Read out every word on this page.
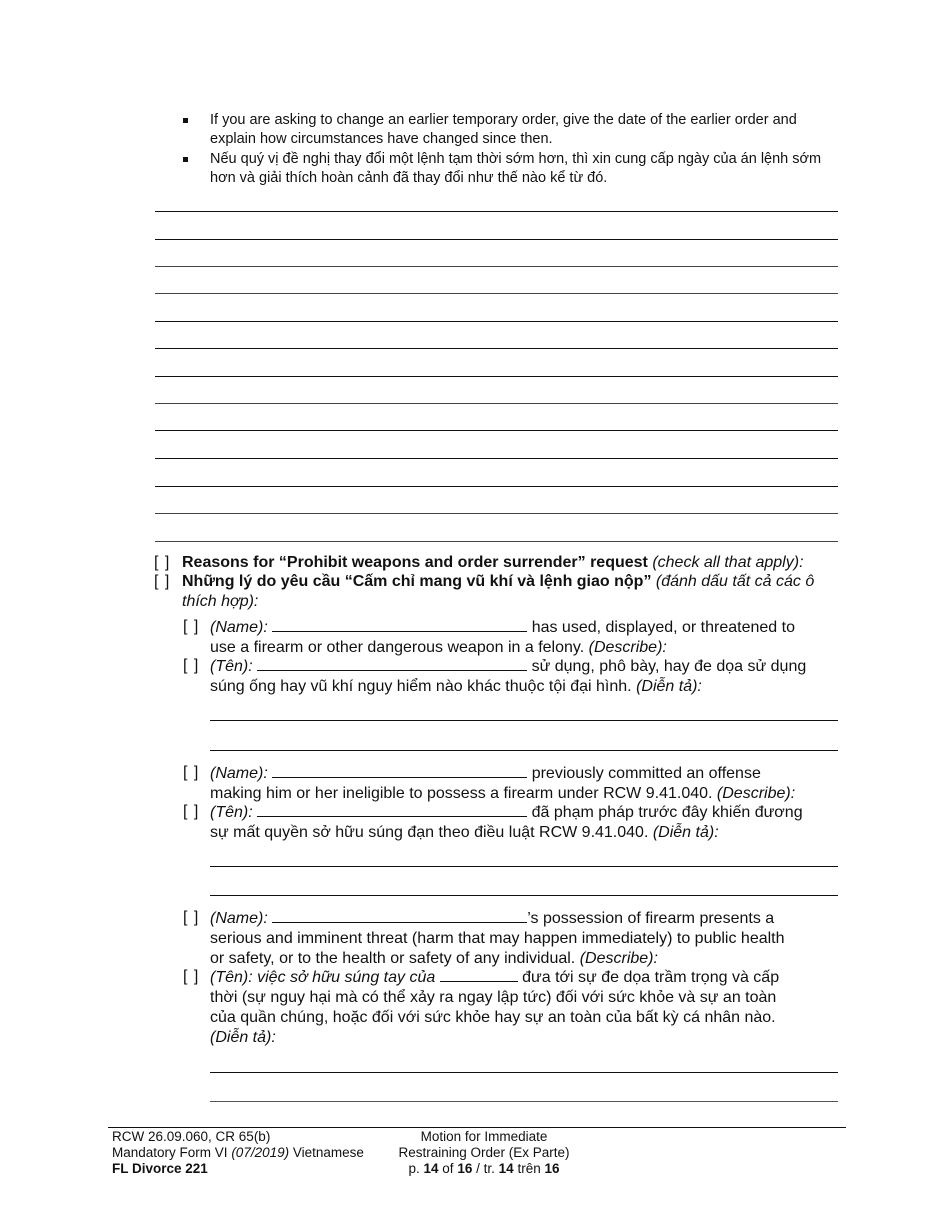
If you are asking to change an earlier temporary order, give the date of the earlier order and explain how circumstances have changed since then.
Nếu quý vị đề nghị thay đổi một lệnh tạm thời sớm hơn, thì xin cung cấp ngày của án lệnh sớm hơn và giải thích hoàn cảnh đã thay đổi như thế nào kể từ đó.
[ ] Reasons for “Prohibit weapons and order surrender” request (check all that apply):
[ ] Những lý do yêu cầu “Cấm chỉ mang vũ khí và lệnh giao nộp” (đánh dấu tất cả các ô thích hợp):
[ ] (Name):	has used, displayed, or threatened to
use a firearm or other dangerous weapon in a felony. (Describe):
[ ] (Tên):	sử dụng, phô bày, hay đe dọa sử dụng
súng ống hay vũ khí nguy hiểm nào khác thuộc tội đại hình. (Diễn tả):
[ ] (Name):	previously committed an offense
making him or her ineligible to possess a firearm under RCW 9.41.040. (Describe):
[ ] (Tên):	đã phạm pháp trước đây khiến đương
sự mất quyền sở hữu súng đạn theo điều luật RCW 9.41.040. (Diễn tả):
[ ] (Name):	’s possession of firearm presents a
serious and imminent threat (harm that may happen immediately) to public health
or safety, or to the health or safety of any individual. (Describe):
[ ] (Tên): việc sở hữu súng tay của	đưa tới sự đe dọa trầm trọng và cấp
thời (sự nguy hại mà có thể xảy ra ngay lập tức) đối với sức khỏe và sự an toàn
của quần chúng, hoặc đối với sức khỏe hay sự an toàn của bất kỳ cá nhân nào.
(Diễn tả):
RCW 26.09.060, CR 65(b)
Mandatory Form VI (07/2019) Vietnamese
FL Divorce 221
Motion for Immediate
Restraining Order (Ex Parte)
p. 14 of 16 / tr. 14 trên 16
